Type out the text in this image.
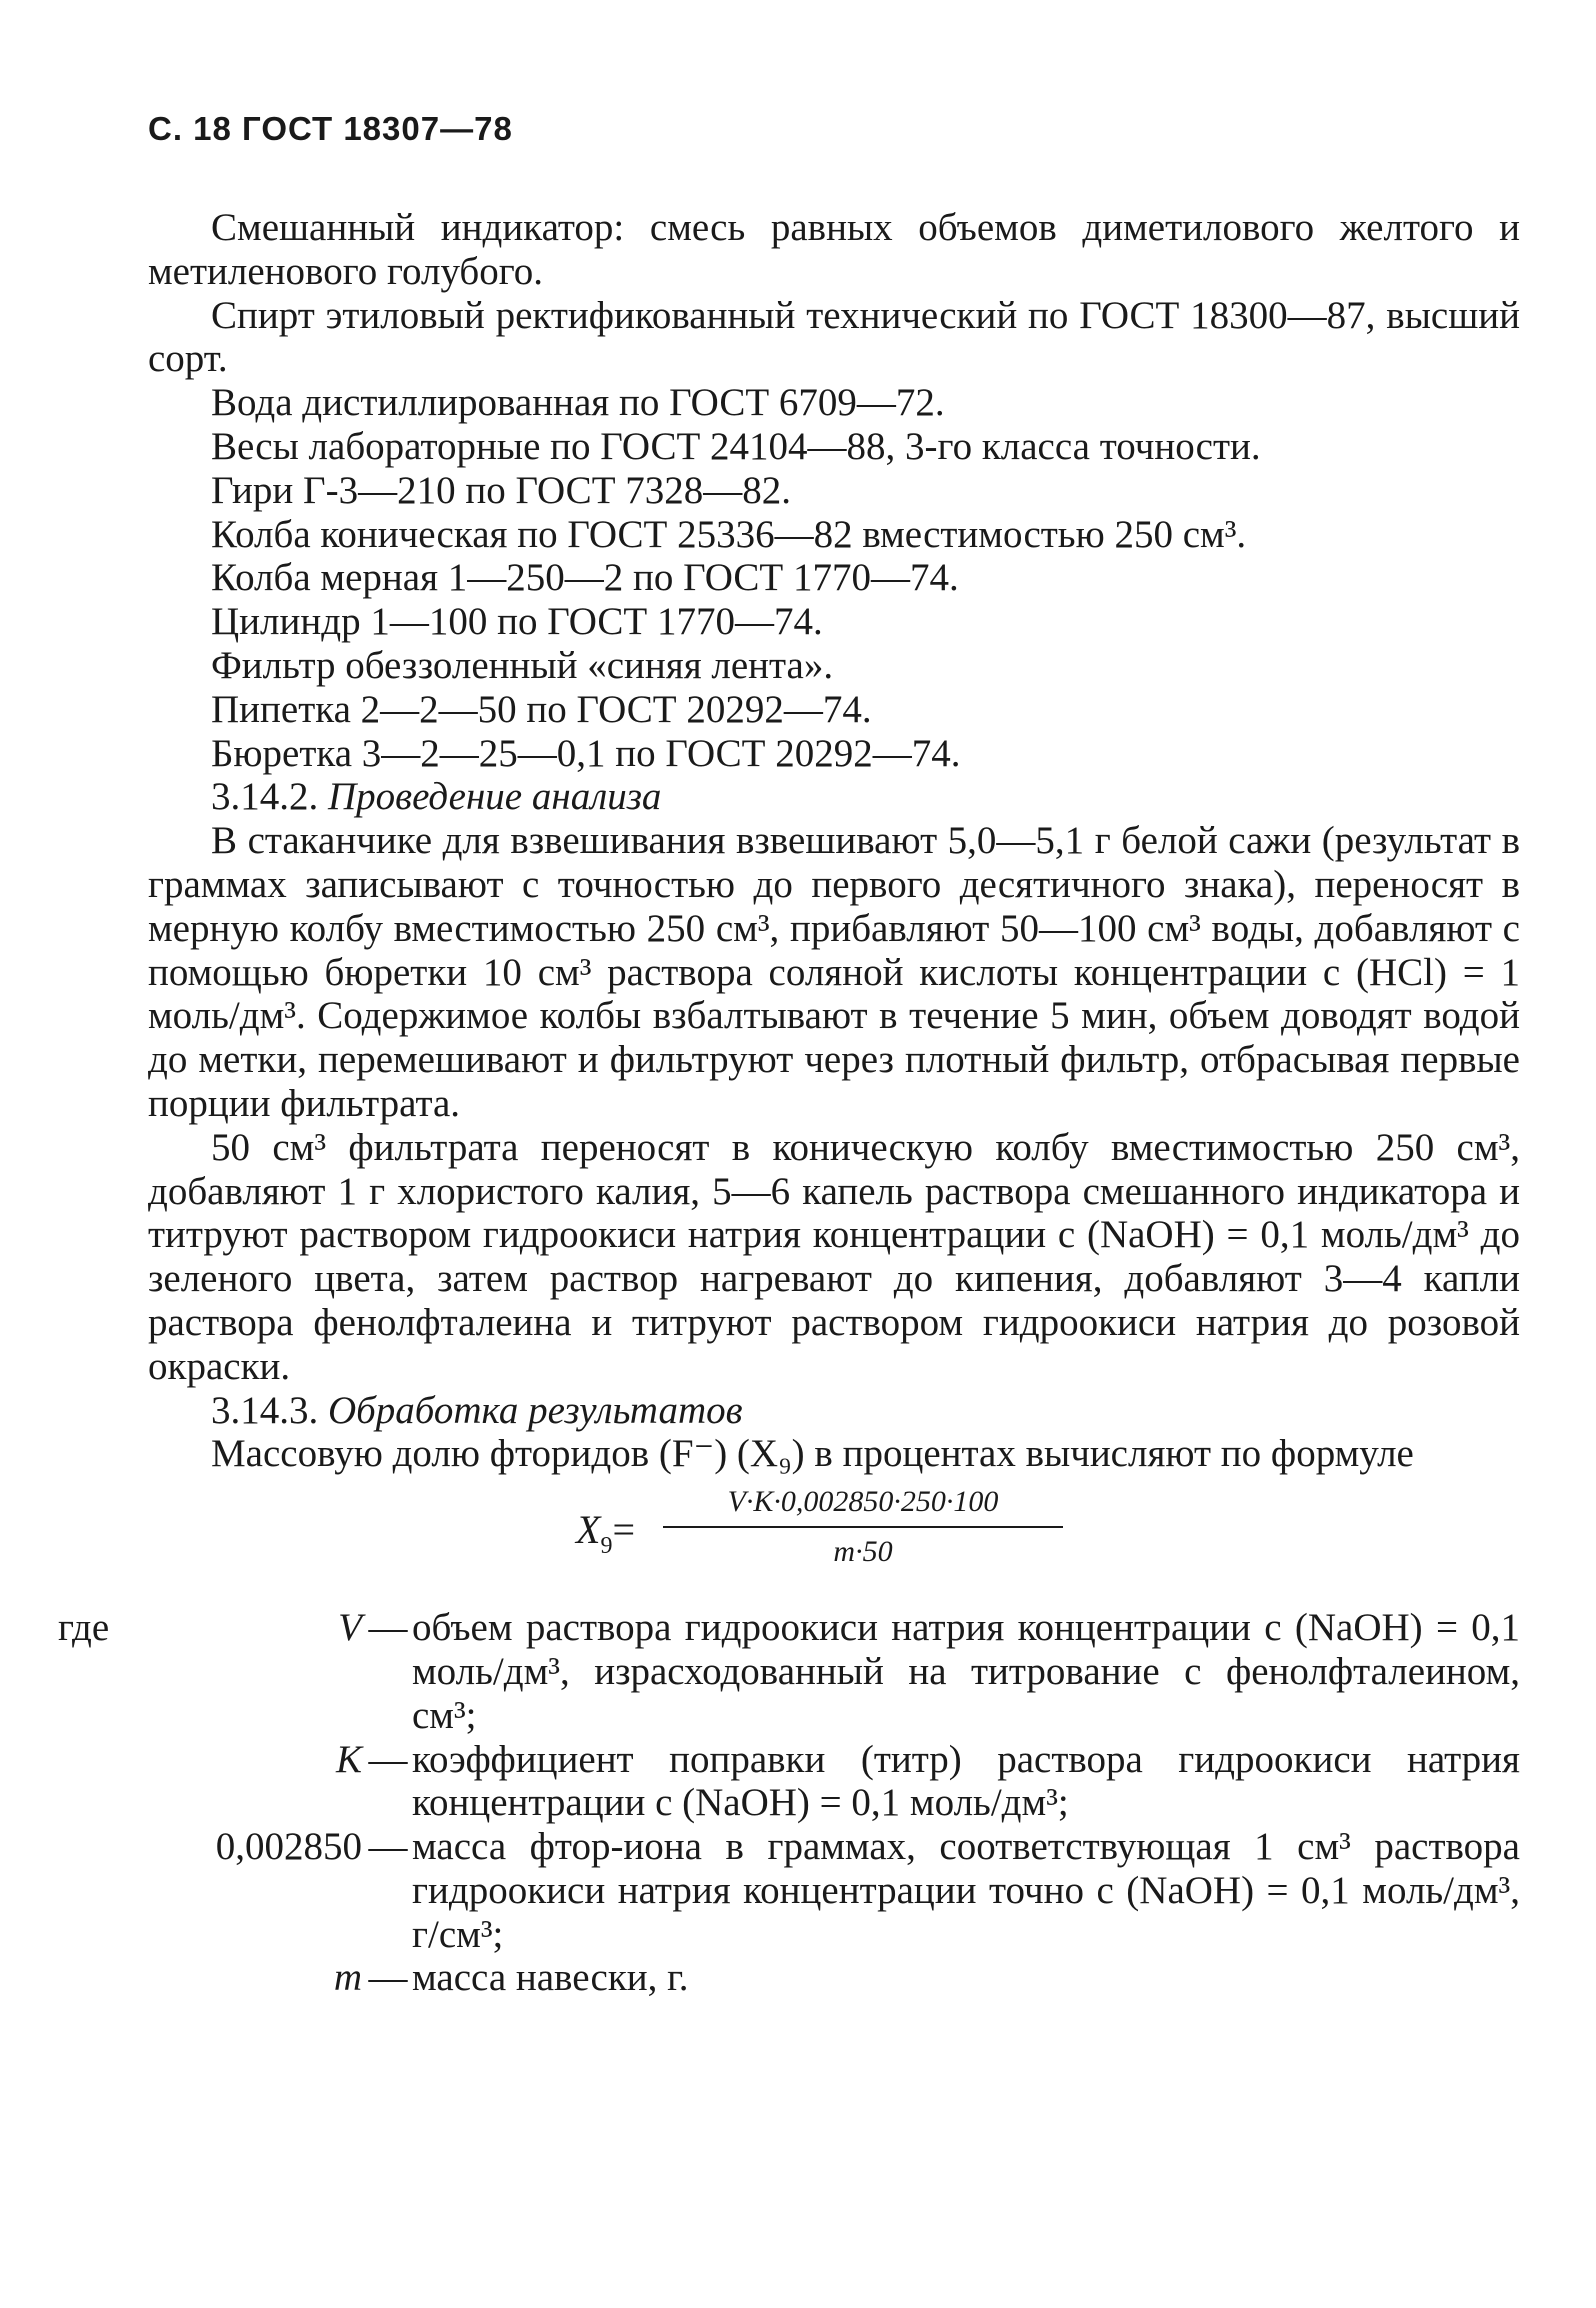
С. 18 ГОСТ 18307—78

Смешанный индикатор: смесь равных объемов диметилового желтого и метиленового голубого.

Спирт этиловый ректификованный технический по ГОСТ 18300—87, высший сорт.

Вода дистиллированная по ГОСТ 6709—72.

Весы лабораторные по ГОСТ 24104—88, 3-го класса точности.

Гири Г-3—210 по ГОСТ 7328—82.

Колба коническая по ГОСТ 25336—82 вместимостью 250 см³.

Колба мерная 1—250—2 по ГОСТ 1770—74.

Цилиндр 1—100 по ГОСТ 1770—74.

Фильтр обеззоленный «синяя лента».

Пипетка 2—2—50 по ГОСТ 20292—74.

Бюретка 3—2—25—0,1 по ГОСТ 20292—74.

3.14.2. Проведение анализа

В стаканчике для взвешивания взвешивают 5,0—5,1 г белой сажи (результат в граммах записывают с точностью до первого десятичного знака), переносят в мерную колбу вместимостью 250 см³, прибавляют 50—100 см³ воды, добавляют с помощью бюретки 10 см³ раствора соляной кислоты концентрации с (HCl) = 1 моль/дм³. Содержимое колбы взбалтывают в течение 5 мин, объем доводят водой до метки, перемешивают и фильтруют через плотный фильтр, отбрасывая первые порции фильтрата.

50 см³ фильтрата переносят в коническую колбу вместимостью 250 см³, добавляют 1 г хлористого калия, 5—6 капель раствора смешанного индикатора и титруют раствором гидроокиси натрия концентрации с (NaOH) = 0,1 моль/дм³ до зеленого цвета, затем раствор нагревают до кипения, добавляют 3—4 капли раствора фенолфталеина и титруют раствором гидроокиси натрия до розовой окраски.

3.14.3. Обработка результатов

Массовую долю фторидов (F⁻) (X₉) в процентах вычисляют по формуле

$X_9= \frac{V\cdot K\cdot 0,002850\cdot 250\cdot 100}{m\cdot 50}$
где	V — объем раствора гидроокиси натрия концентрации с (NaOH) = 0,1 моль/дм³, израсходованный на титрование с фенолфталеином, см³;
K — коэффициент поправки (титр) раствора гидроокиси натрия концентрации с (NaOH) = 0,1 моль/дм³;
0,002850 — масса фтор-иона в граммах, соответствующая 1 см³ раствора гидроокиси натрия концентрации точно с (NaOH) = 0,1 моль/дм³, г/см³;
m — масса навески, г.
